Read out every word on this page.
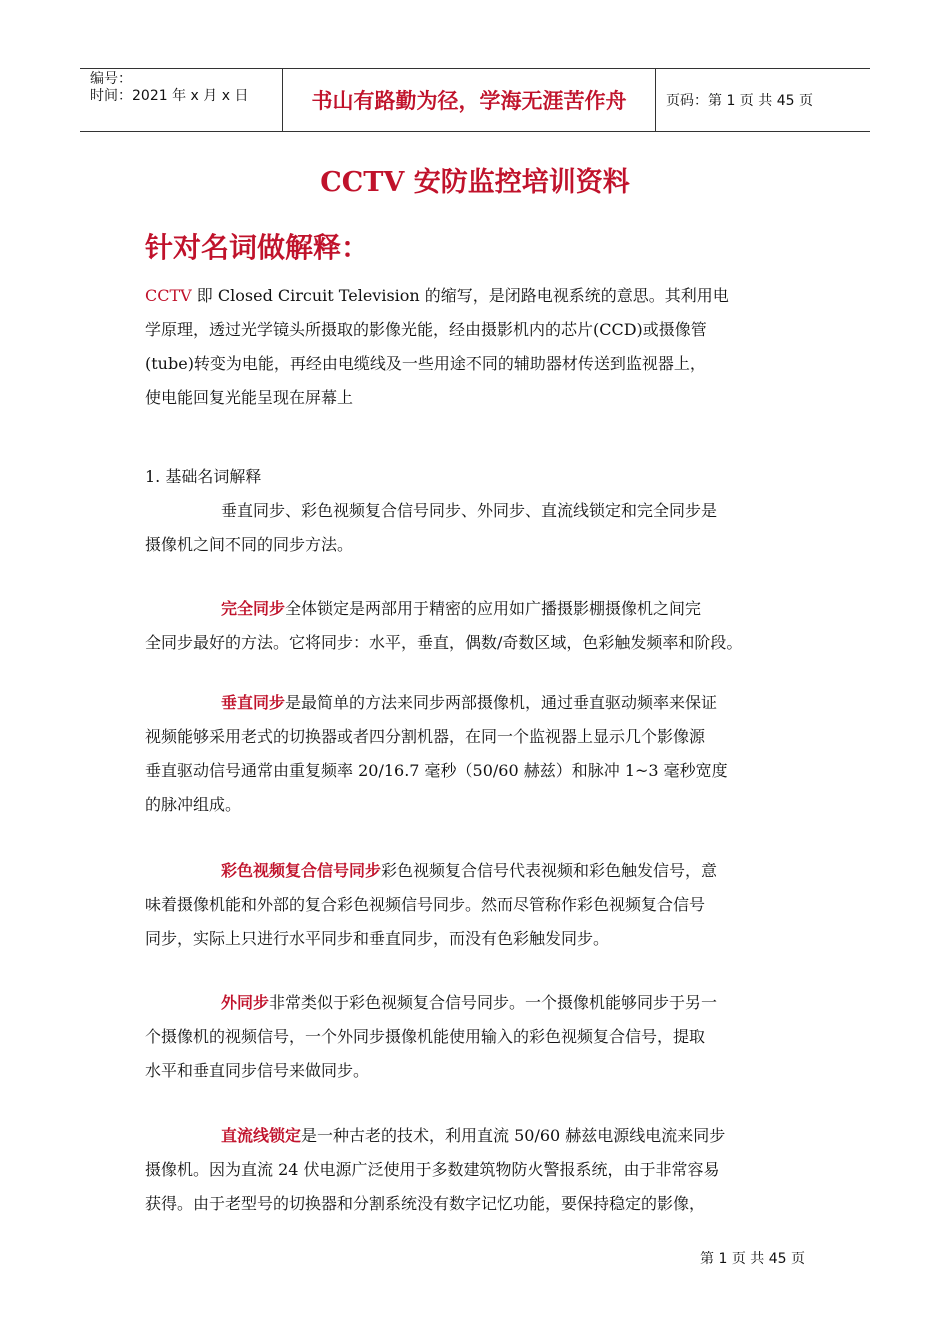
编号：
时间：2021 年 x 月 x 日	书山有路勤为径，学海无涯苦作舟	页码：第 1 页 共 45 页
CCTV 安防监控培训资料
针对名词做解释：
CCTV 即 Closed Circuit Television 的缩写，是闭路电视系统的意思。其利用电
学原理，透过光学镜头所摄取的影像光能，经由摄影机内的芯片(CCD)或摄像管
(tube)转变为电能，再经由电缆线及一些用途不同的辅助器材传送到监视器上，
使电能回复光能呈现在屏幕上
1. 基础名词解释
垂直同步、彩色视频复合信号同步、外同步、直流线锁定和完全同步是
摄像机之间不同的同步方法。
完全同步全体锁定是两部用于精密的应用如广播摄影棚摄像机之间完
全同步最好的方法。它将同步：水平，垂直，偶数/奇数区域，色彩触发频率和阶段。
垂直同步是最简单的方法来同步两部摄像机，通过垂直驱动频率来保证
视频能够采用老式的切换器或者四分割机器，在同一个监视器上显示几个影像源
垂直驱动信号通常由重复频率 20/16.7 毫秒（50/60 赫兹）和脉冲 1~3 毫秒宽度
的脉冲组成。
彩色视频复合信号同步彩色视频复合信号代表视频和彩色触发信号，意
味着摄像机能和外部的复合彩色视频信号同步。然而尽管称作彩色视频复合信号
同步，实际上只进行水平同步和垂直同步，而没有色彩触发同步。
外同步非常类似于彩色视频复合信号同步。一个摄像机能够同步于另一
个摄像机的视频信号，一个外同步摄像机能使用输入的彩色视频复合信号，提取
水平和垂直同步信号来做同步。
直流线锁定是一种古老的技术，利用直流 50/60 赫兹电源线电流来同步
摄像机。因为直流 24 伏电源广泛使用于多数建筑物防火警报系统，由于非常容易
获得。由于老型号的切换器和分割系统没有数字记忆功能，要保持稳定的影像，
第 1 页 共 45 页
